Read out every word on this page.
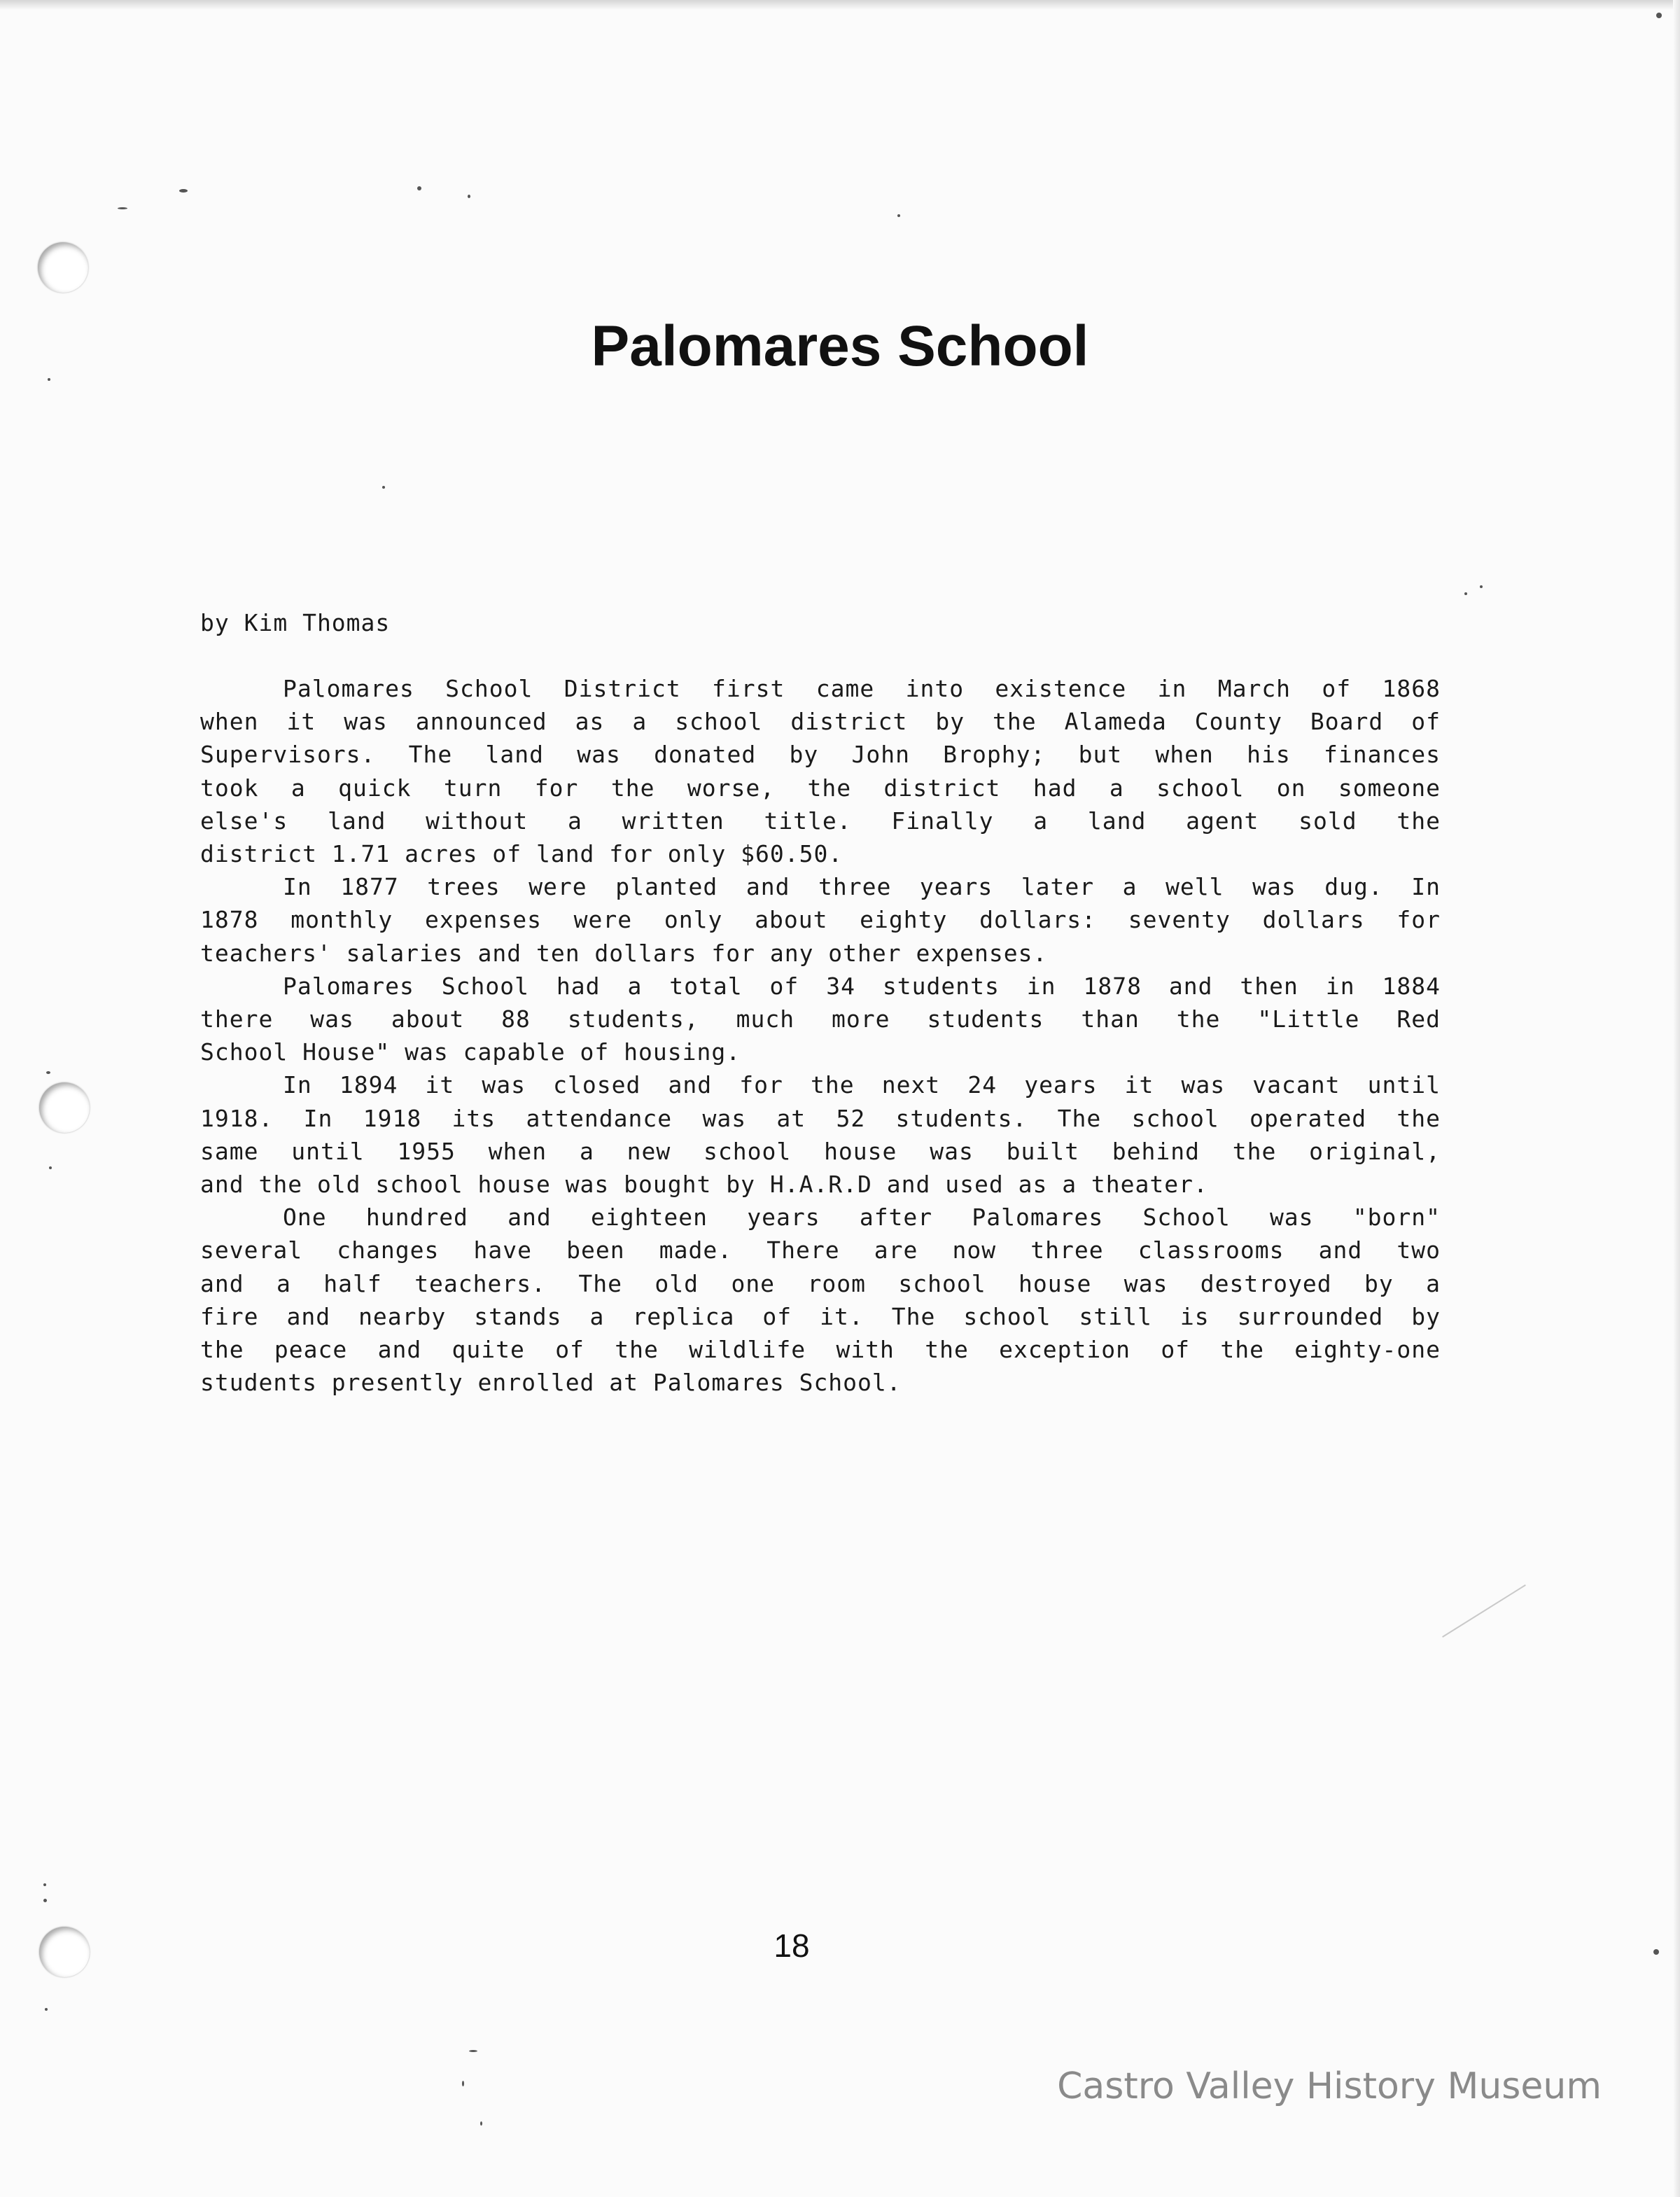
Palomares School
by Kim Thomas
Palomares School District first came into existence in March of 1868
when it was announced as a school district by the Alameda County Board of
Supervisors. The land was donated by John Brophy; but when his finances
took a quick turn for the worse, the district had a school on someone
else's land without a written title. Finally a land agent sold the
district 1.71 acres of land for only $60.50.
In 1877 trees were planted and three years later a well was dug. In
1878 monthly expenses were only about eighty dollars: seventy dollars for
teachers' salaries and ten dollars for any other expenses.
Palomares School had a total of 34 students in 1878 and then in 1884
there was about 88 students, much more students than the "Little Red
School House" was capable of housing.
In 1894 it was closed and for the next 24 years it was vacant until
1918. In 1918 its attendance was at 52 students. The school operated the
same until 1955 when a new school house was built behind the original,
and the old school house was bought by H.A.R.D and used as a theater.
One hundred and eighteen years after Palomares School was "born"
several changes have been made. There are now three classrooms and two
and a half teachers. The old one room school house was destroyed by a
fire and nearby stands a replica of it. The school still is surrounded by
the peace and quite of the wildlife with the exception of the eighty-one
students presently enrolled at Palomares School.
18
Castro Valley History Museum
